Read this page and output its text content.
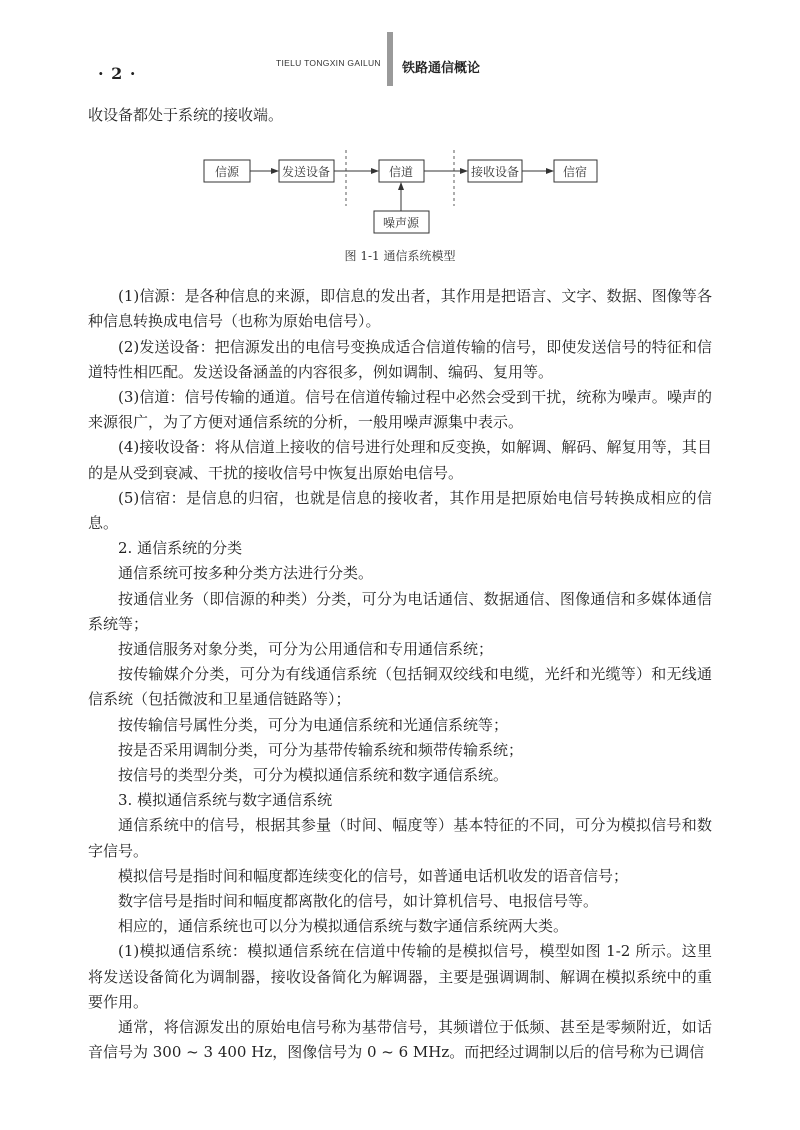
· 2 ·
TIELU TONGXIN GAILUN 铁路通信概论
信源	发送设备	信道	接收设备	信宿
噪声源
图 1-1 通信系统模型

收设备都处于系统的接收端。

(1)信源：是各种信息的来源，即信息的发出者，其作用是把语言、文字、数据、图像等各种信息转换成电信号（也称为原始电信号）。

(2)发送设备：把信源发出的电信号变换成适合信道传输的信号，即使发送信号的特征和信道特性相匹配。发送设备涵盖的内容很多，例如调制、编码、复用等。

(3)信道：信号传输的通道。信号在信道传输过程中必然会受到干扰，统称为噪声。噪声的来源很广，为了方便对通信系统的分析，一般用噪声源集中表示。

(4)接收设备：将从信道上接收的信号进行处理和反变换，如解调、解码、解复用等，其目的是从受到衰减、干扰的接收信号中恢复出原始电信号。

(5)信宿：是信息的归宿，也就是信息的接收者，其作用是把原始电信号转换成相应的信息。

2. 通信系统的分类

通信系统可按多种分类方法进行分类。

按通信业务（即信源的种类）分类，可分为电话通信、数据通信、图像通信和多媒体通信系统等；

按通信服务对象分类，可分为公用通信和专用通信系统；

按传输媒介分类，可分为有线通信系统（包括铜双绞线和电缆，光纤和光缆等）和无线通信系统（包括微波和卫星通信链路等）；

按传输信号属性分类，可分为电通信系统和光通信系统等；

按是否采用调制分类，可分为基带传输系统和频带传输系统；

按信号的类型分类，可分为模拟通信系统和数字通信系统。

3. 模拟通信系统与数字通信系统

通信系统中的信号，根据其参量（时间、幅度等）基本特征的不同，可分为模拟信号和数字信号。

模拟信号是指时间和幅度都连续变化的信号，如普通电话机收发的语音信号；

数字信号是指时间和幅度都离散化的信号，如计算机信号、电报信号等。

相应的，通信系统也可以分为模拟通信系统与数字通信系统两大类。

(1)模拟通信系统：模拟通信系统在信道中传输的是模拟信号，模型如图 1-2 所示。这里将发送设备简化为调制器，接收设备简化为解调器，主要是强调调制、解调在模拟系统中的重要作用。

通常，将信源发出的原始电信号称为基带信号，其频谱位于低频、甚至是零频附近，如话音信号为 300 ~ 3 400 Hz，图像信号为 0 ~ 6 MHz。而把经过调制以后的信号称为已调信
